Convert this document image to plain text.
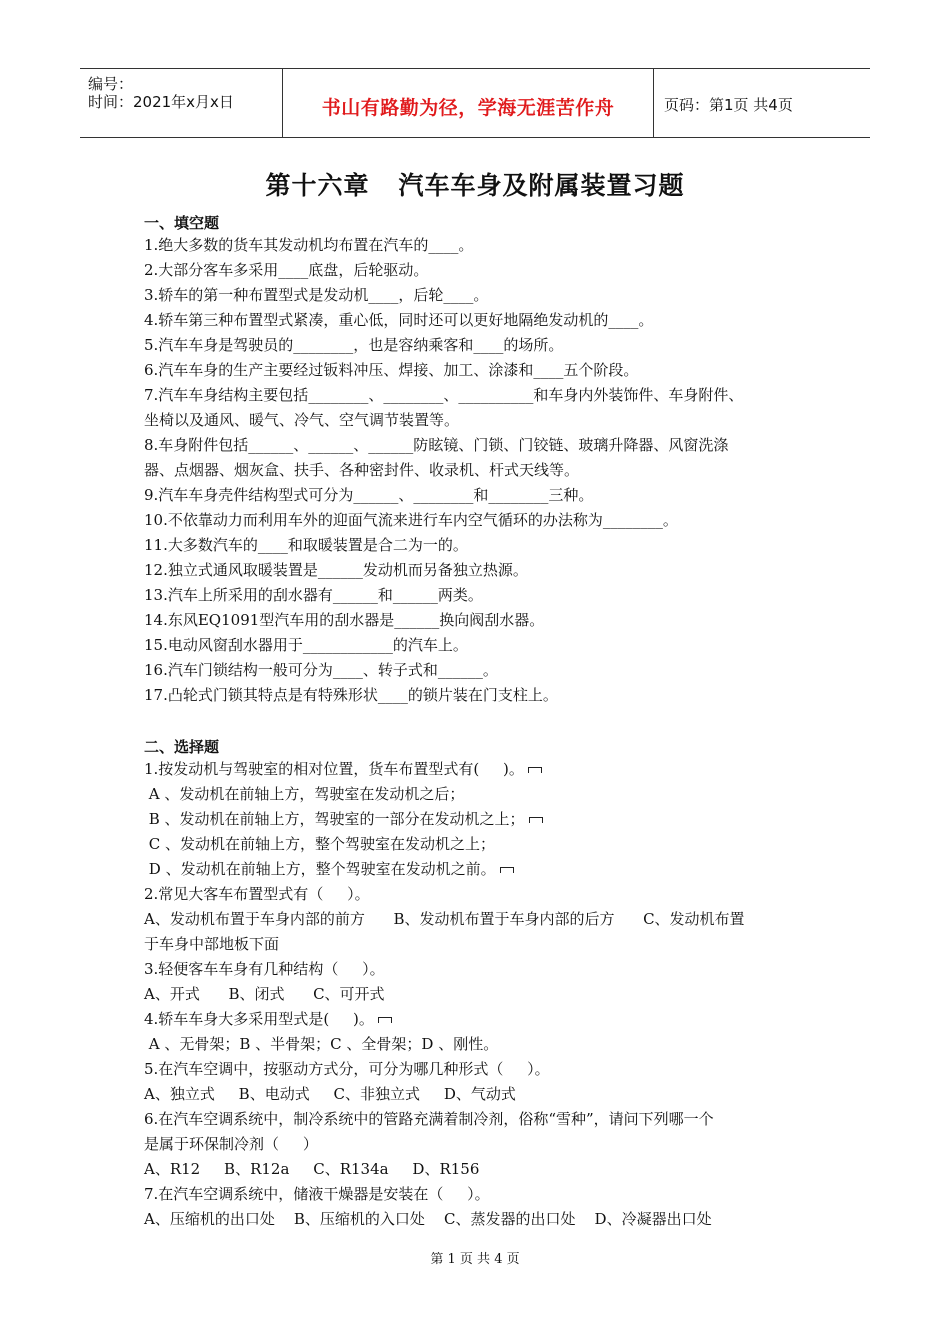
编号：
时间：2021年x月x日	书山有路勤为径，学海无涯苦作舟	页码：第1页 共4页
第十六章   汽车车身及附属装置习题
一、填空题
1.绝大多数的货车其发动机均布置在汽车的____。
2.大部分客车多采用____底盘，后轮驱动。
3.轿车的第一种布置型式是发动机____，后轮____。
4.轿车第三种布置型式紧凑，重心低，同时还可以更好地隔绝发动机的____。
5.汽车车身是驾驶员的________，也是容纳乘客和____的场所。
6.汽车车身的生产主要经过钣料冲压、焊接、加工、涂漆和____五个阶段。
7.汽车车身结构主要包括________、________、__________和车身内外装饰件、车身附件、
坐椅以及通风、暖气、冷气、空气调节装置等。
8.车身附件包括______、______、______防眩镜、门锁、门铰链、玻璃升降器、风窗洗涤
器、点烟器、烟灰盒、扶手、各种密封件、收录机、杆式天线等。
9.汽车车身壳件结构型式可分为______、________和________三种。
10.不依靠动力而利用车外的迎面气流来进行车内空气循环的办法称为________。
11.大多数汽车的____和取暖装置是合二为一的。
12.独立式通风取暖装置是______发动机而另备独立热源。
13.汽车上所采用的刮水器有______和______两类。
14.东风EQ1091型汽车用的刮水器是______换向阀刮水器。
15.电动风窗刮水器用于____________的汽车上。
16.汽车门锁结构一般可分为____、转子式和______。
17.凸轮式门锁其特点是有特殊形状____的锁片装在门支柱上。
二、选择题
1.按发动机与驾驶室的相对位置，货车布置型式有(     )。
A 、发动机在前轴上方，驾驶室在发动机之后；
B 、发动机在前轴上方，驾驶室的一部分在发动机之上；
C 、发动机在前轴上方，整个驾驶室在发动机之上；
D 、发动机在前轴上方，整个驾驶室在发动机之前。
2.常见大客车布置型式有（     ）。
A、发动机布置于车身内部的前方      B、发动机布置于车身内部的后方      C、发动机布置
于车身中部地板下面
3.轻便客车车身有几种结构（     ）。
A、开式      B、闭式      C、可开式
4.轿车车身大多采用型式是(     )。
A 、无骨架；B 、半骨架；C 、全骨架；D 、刚性。
5.在汽车空调中，按驱动方式分，可分为哪几种形式（     ）。
A、独立式     B、电动式     C、非独立式     D、气动式
6.在汽车空调系统中，制冷系统中的管路充满着制冷剂，俗称“雪种”，请问下列哪一个
是属于环保制冷剂（     ）
A、R12     B、R12a     C、R134a     D、R156
7.在汽车空调系统中，储液干燥器是安装在（     ）。
A、压缩机的出口处    B、压缩机的入口处    C、蒸发器的出口处    D、冷凝器出口处
第 1 页 共 4 页
